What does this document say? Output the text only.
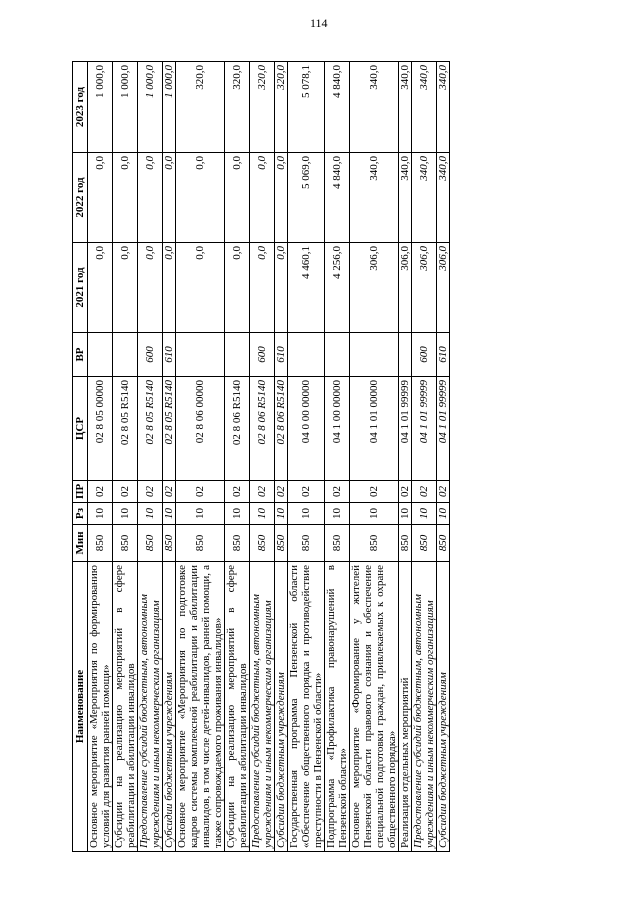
114
Наименование	Мин	Рз	ПР	ЦСР	ВР	2021 год	2022 год	2023 год
Основное мероприятие «Мероприятия по формированию условий для развития ранней помощи»	850	10	02	02 8 05 00000		0,0	0,0	1 000,0
Субсидии на реализацию мероприятий в сфере реабилитации и абилитации инвалидов	850	10	02	02 8 05 R5140		0,0	0,0	1 000,0
Предоставление субсидий бюджетным, автономным учреждениям и иным некоммерческим организациям	850	10	02	02 8 05 R5140	600	0,0	0,0	1 000,0
Субсидии бюджетным учреждениям	850	10	02	02 8 05 R5140	610	0,0	0,0	1 000,0
Основное мероприятие «Мероприятия по подготовке кадров системы комплексной реабилитации и абилитации инвалидов, в том числе детей-инвалидов, ранней помощи, а также сопровождаемого проживания инвалидов»	850	10	02	02 8 06 00000		0,0	0,0	320,0
Субсидии на реализацию мероприятий в сфере реабилитации и абилитации инвалидов	850	10	02	02 8 06 R5140		0,0	0,0	320,0
Предоставление субсидий бюджетным, автономным учреждениям и иным некоммерческим организациям	850	10	02	02 8 06 R5140	600	0,0	0,0	320,0
Субсидии бюджетным учреждениям	850	10	02	02 8 06 R5140	610	0,0	0,0	320,0
Государственная программа Пензенской области «Обеспечение общественного порядка и противодействие преступности в Пензенской области»	850	10	02	04 0 00 00000		4 460,1	5 069,0	5 078,1
Подпрограмма «Профилактика правонарушений в Пензенской области»	850	10	02	04 1 00 00000		4 256,0	4 840,0	4 840,0
Основное мероприятие «Формирование у жителей Пензенской области правового сознания и обеспечение специальной подготовки граждан, привлекаемых к охране общественного порядка»	850	10	02	04 1 01 00000		306,0	340,0	340,0
Реализация отдельных мероприятий	850	10	02	04 1 01 99999		306,0	340,0	340,0
Предоставление субсидий бюджетным, автономным учреждениям и иным некоммерческим организациям	850	10	02	04 1 01 99999	600	306,0	340,0	340,0
Субсидии бюджетным учреждениям	850	10	02	04 1 01 99999	610	306,0	340,0	340,0
